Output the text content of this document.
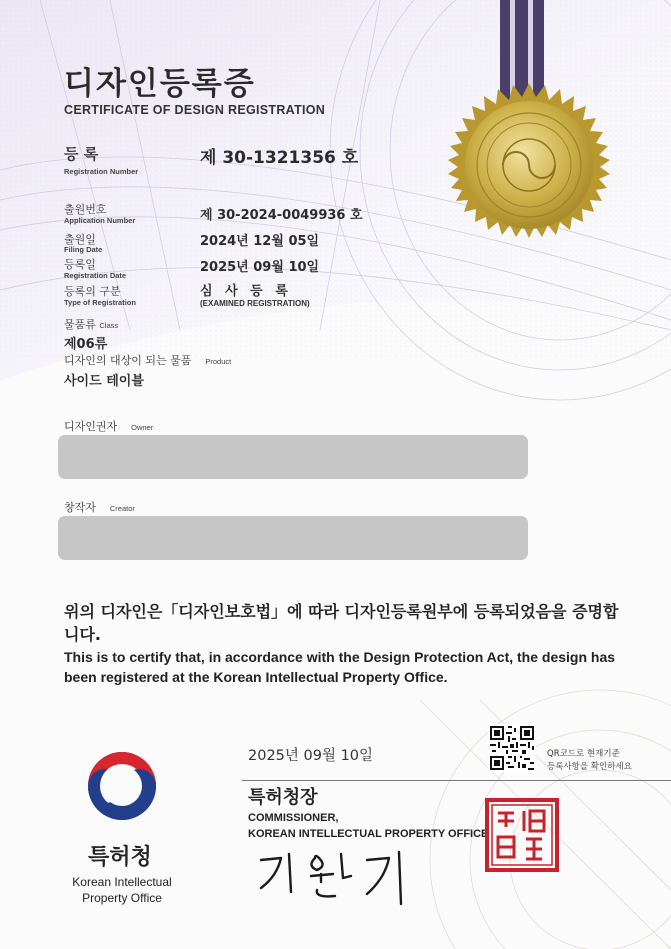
디자인등록증
CERTIFICATE OF DESIGN REGISTRATION
등 록
Registration Number
제 30-1321356 호
출원번호
Application Number	제 30-2024-0049936 호
출원일
Filing Date
2024년 12월 05일
등록일
Registration Date
2025년 09월 10일
등록의 구분
Type of Registration
심 사 등 록
(EXAMINED REGISTRATION)
물품류 Class
제06류
디자인의 대상이 되는 물품 Product
사이드 테이블
디자인권자 Owner
창작자 Creator
위의 디자인은「디자인보호법」에 따라 디자인등록원부에 등록되었음을 증명합니다.
This is to certify that, in accordance with the Design Protection Act, the design has been registered at the Korean Intellectual Property Office.
특허청
Korean Intellectual
Property Office
2025년 09월 10일
특허청장
COMMISSIONER,
KOREAN INTELLECTUAL PROPERTY OFFICE
QR코드로 현재기준
등록사항을 확인하세요
